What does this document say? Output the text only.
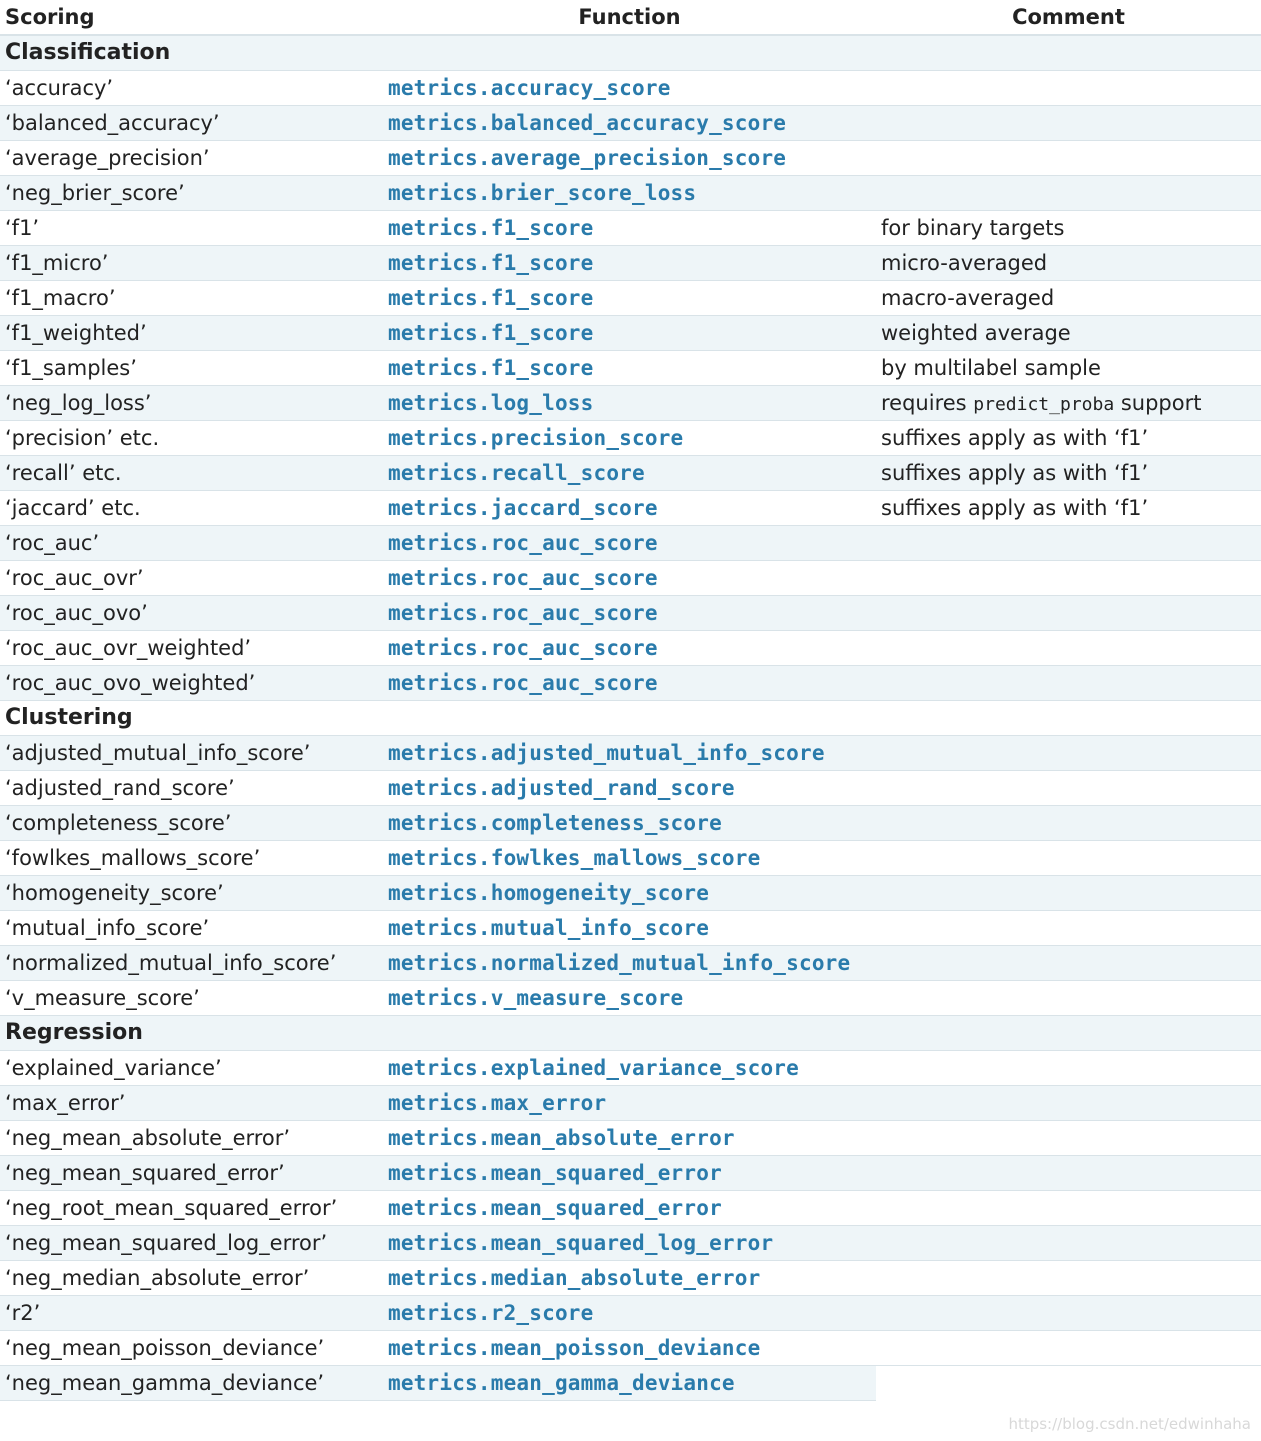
Scoring	Function	Comment
Classification		
‘accuracy’	metrics.accuracy_score	
‘balanced_accuracy’	metrics.balanced_accuracy_score	
‘average_precision’	metrics.average_precision_score	
‘neg_brier_score’	metrics.brier_score_loss	
‘f1’	metrics.f1_score	for binary targets
‘f1_micro’	metrics.f1_score	micro-averaged
‘f1_macro’	metrics.f1_score	macro-averaged
‘f1_weighted’	metrics.f1_score	weighted average
‘f1_samples’	metrics.f1_score	by multilabel sample
‘neg_log_loss’	metrics.log_loss	requires predict_proba support
‘precision’ etc.	metrics.precision_score	suffixes apply as with ‘f1’
‘recall’ etc.	metrics.recall_score	suffixes apply as with ‘f1’
‘jaccard’ etc.	metrics.jaccard_score	suffixes apply as with ‘f1’
‘roc_auc’	metrics.roc_auc_score	
‘roc_auc_ovr’	metrics.roc_auc_score	
‘roc_auc_ovo’	metrics.roc_auc_score	
‘roc_auc_ovr_weighted’	metrics.roc_auc_score	
‘roc_auc_ovo_weighted’	metrics.roc_auc_score	
Clustering		
‘adjusted_mutual_info_score’	metrics.adjusted_mutual_info_score	
‘adjusted_rand_score’	metrics.adjusted_rand_score	
‘completeness_score’	metrics.completeness_score	
‘fowlkes_mallows_score’	metrics.fowlkes_mallows_score	
‘homogeneity_score’	metrics.homogeneity_score	
‘mutual_info_score’	metrics.mutual_info_score	
‘normalized_mutual_info_score’	metrics.normalized_mutual_info_score	
‘v_measure_score’	metrics.v_measure_score	
Regression		
‘explained_variance’	metrics.explained_variance_score	
‘max_error’	metrics.max_error	
‘neg_mean_absolute_error’	metrics.mean_absolute_error	
‘neg_mean_squared_error’	metrics.mean_squared_error	
‘neg_root_mean_squared_error’	metrics.mean_squared_error	
‘neg_mean_squared_log_error’	metrics.mean_squared_log_error	
‘neg_median_absolute_error’	metrics.median_absolute_error	
‘r2’	metrics.r2_score	
‘neg_mean_poisson_deviance’	metrics.mean_poisson_deviance	
‘neg_mean_gamma_deviance’	metrics.mean_gamma_deviance	
https://blog.csdn.net/edwinhaha
